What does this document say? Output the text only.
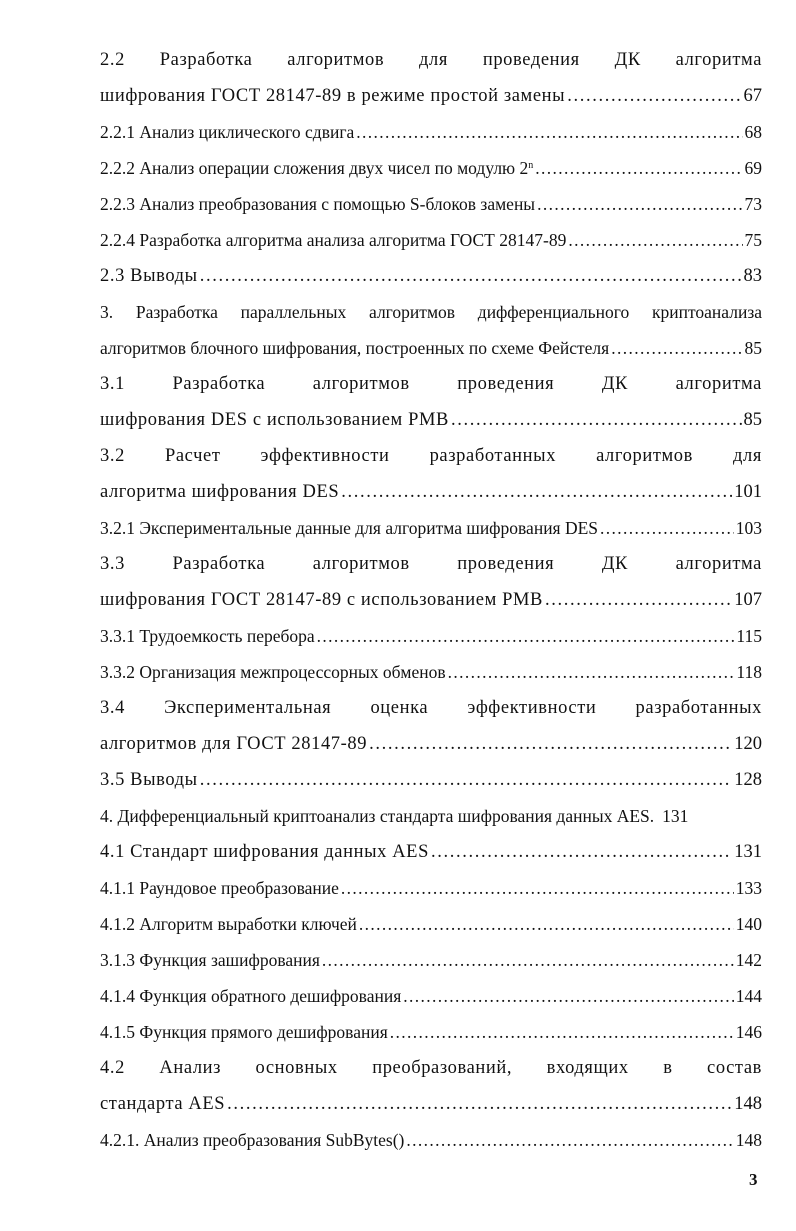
2.2 Разработка алгоритмов для проведения ДК алгоритма
шифрования ГОСТ 28147-89 в режиме простой замены . . .	67
2.2.1 Анализ циклического сдвига . . .	68
2.2.2 Анализ операции сложения двух чисел по модулю 2$^n$ . . .	69
2.2.3 Анализ преобразования с помощью S-блоков замены . . .	73
2.2.4 Разработка алгоритма анализа алгоритма ГОСТ 28147-89 . . .	75
2.3 Выводы . . .	83
3. Разработка параллельных алгоритмов дифференциального криптоанализа
алгоритмов блочного шифрования, построенных по схеме Фейстеля . . .	85
3.1 Разработка алгоритмов проведения ДК алгоритма
шифрования DES с использованием PMB . . .	85
3.2 Расчет эффективности разработанных алгоритмов для
алгоритма шифрования DES . . .	101
3.2.1 Экспериментальные данные для алгоритма шифрования DES . . .	103
3.3 Разработка алгоритмов проведения ДК алгоритма
шифрования ГОСТ 28147-89 с использованием PMB . . .	107
3.3.1 Трудоемкость перебора . . .	115
3.3.2 Организация межпроцессорных обменов . . .	118
3.4 Экспериментальная оценка эффективности разработанных
алгоритмов для ГОСТ 28147-89 . . .	120
3.5 Выводы . . .	128
4. Дифференциальный криптоанализ стандарта шифрования данных AES. 131
4.1 Стандарт шифрования данных AES . . .	131
4.1.1 Раундовое преобразование . . .	133
4.1.2 Алгоритм выработки ключей . . .	140
3.1.3 Функция зашифрования . . .	142
4.1.4 Функция обратного дешифрования . . .	144
4.1.5 Функция прямого дешифрования . . .	146
4.2 Анализ основных преобразований, входящих в состав
стандарта AES . . .	148
4.2.1. Анализ преобразования SubBytes() . . .	148
3
